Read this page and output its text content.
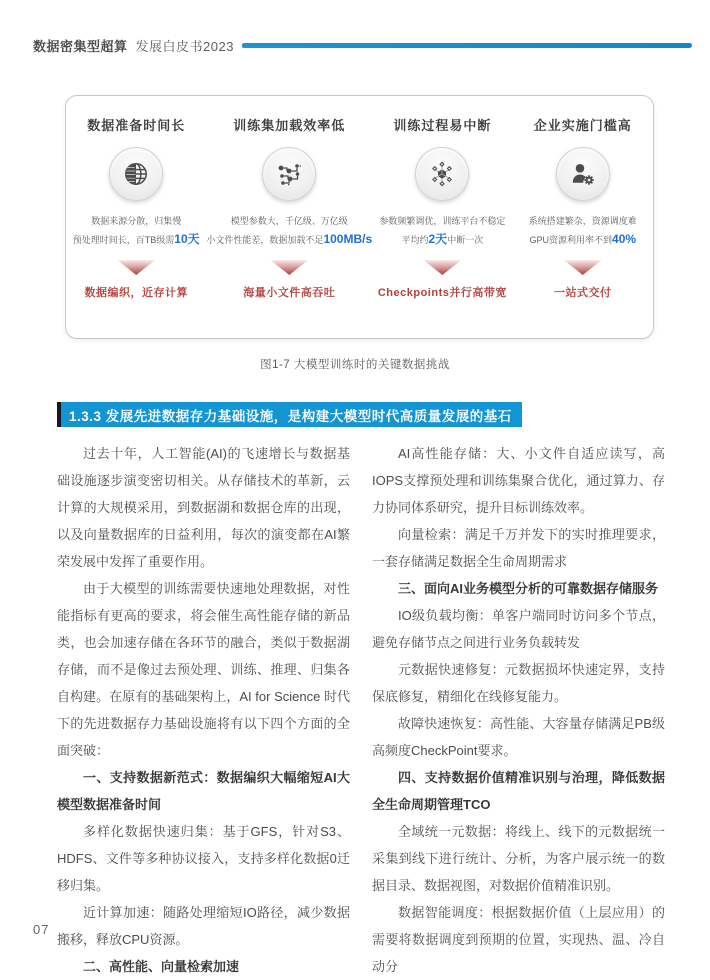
数据密集型超算 发展白皮书2023
数据准备时间长
数据来源分散，归集慢
预处理时间长，百TB级需10天
数据编织，近存计算
训练集加载效率低
模型参数大，千亿级、万亿级
小文件性能差，数据加载不足100MB/s
海量小文件高吞吐
训练过程易中断
参数频繁调优，训练平台不稳定
平均约2天中断一次
Checkpoints并行高带宽
企业实施门槛高
系统搭建繁杂，资源调度难
GPU资源利用率不到40%
一站式交付
图1-7 大模型训练时的关键数据挑战
1.3.3 发展先进数据存力基础设施，是构建大模型时代高质量发展的基石

过去十年，人工智能(AI)的飞速增长与数据基础设施逐步演变密切相关。从存储技术的革新，云计算的大规模采用，到数据湖和数据仓库的出现，以及向量数据库的日益利用，每次的演变都在AI繁荣发展中发挥了重要作用。

由于大模型的训练需要快速地处理数据，对性能指标有更高的要求，将会催生高性能存储的新品类，也会加速存储在各环节的融合，类似于数据湖存储，而不是像过去预处理、训练、推理、归集各自构建。在原有的基础架构上，AI for Science 时代下的先进数据存力基础设施将有以下四个方面的全面突破：

一、支持数据新范式：数据编织大幅缩短AI大模型数据准备时间

多样化数据快速归集：基于GFS，针对S3、HDFS、文件等多种协议接入，支持多样化数据0迁移归集。

近计算加速：随路处理缩短IO路径，减少数据搬移，释放CPU资源。

二、高性能、向量检索加速

AI高性能存储：大、小文件自适应读写，高IOPS支撑预处理和训练集聚合优化，通过算力、存力协同体系研究，提升目标训练效率。

向量检索：满足千万并发下的实时推理要求，一套存储满足数据全生命周期需求

三、面向AI业务模型分析的可靠数据存储服务

IO级负载均衡：单客户端同时访问多个节点，避免存储节点之间进行业务负载转发

元数据快速修复：元数据损坏快速定界，支持保底修复，精细化在线修复能力。

故障快速恢复：高性能、大容量存储满足PB级高频度CheckPoint要求。

四、支持数据价值精准识别与治理，降低数据全生命周期管理TCO

全域统一元数据：将线上、线下的元数据统一采集到线下进行统计、分析，为客户展示统一的数据目录、数据视图，对数据价值精准识别。

数据智能调度：根据数据价值（上层应用）的需要将数据调度到预期的位置，实现热、温、冷自动分

07
